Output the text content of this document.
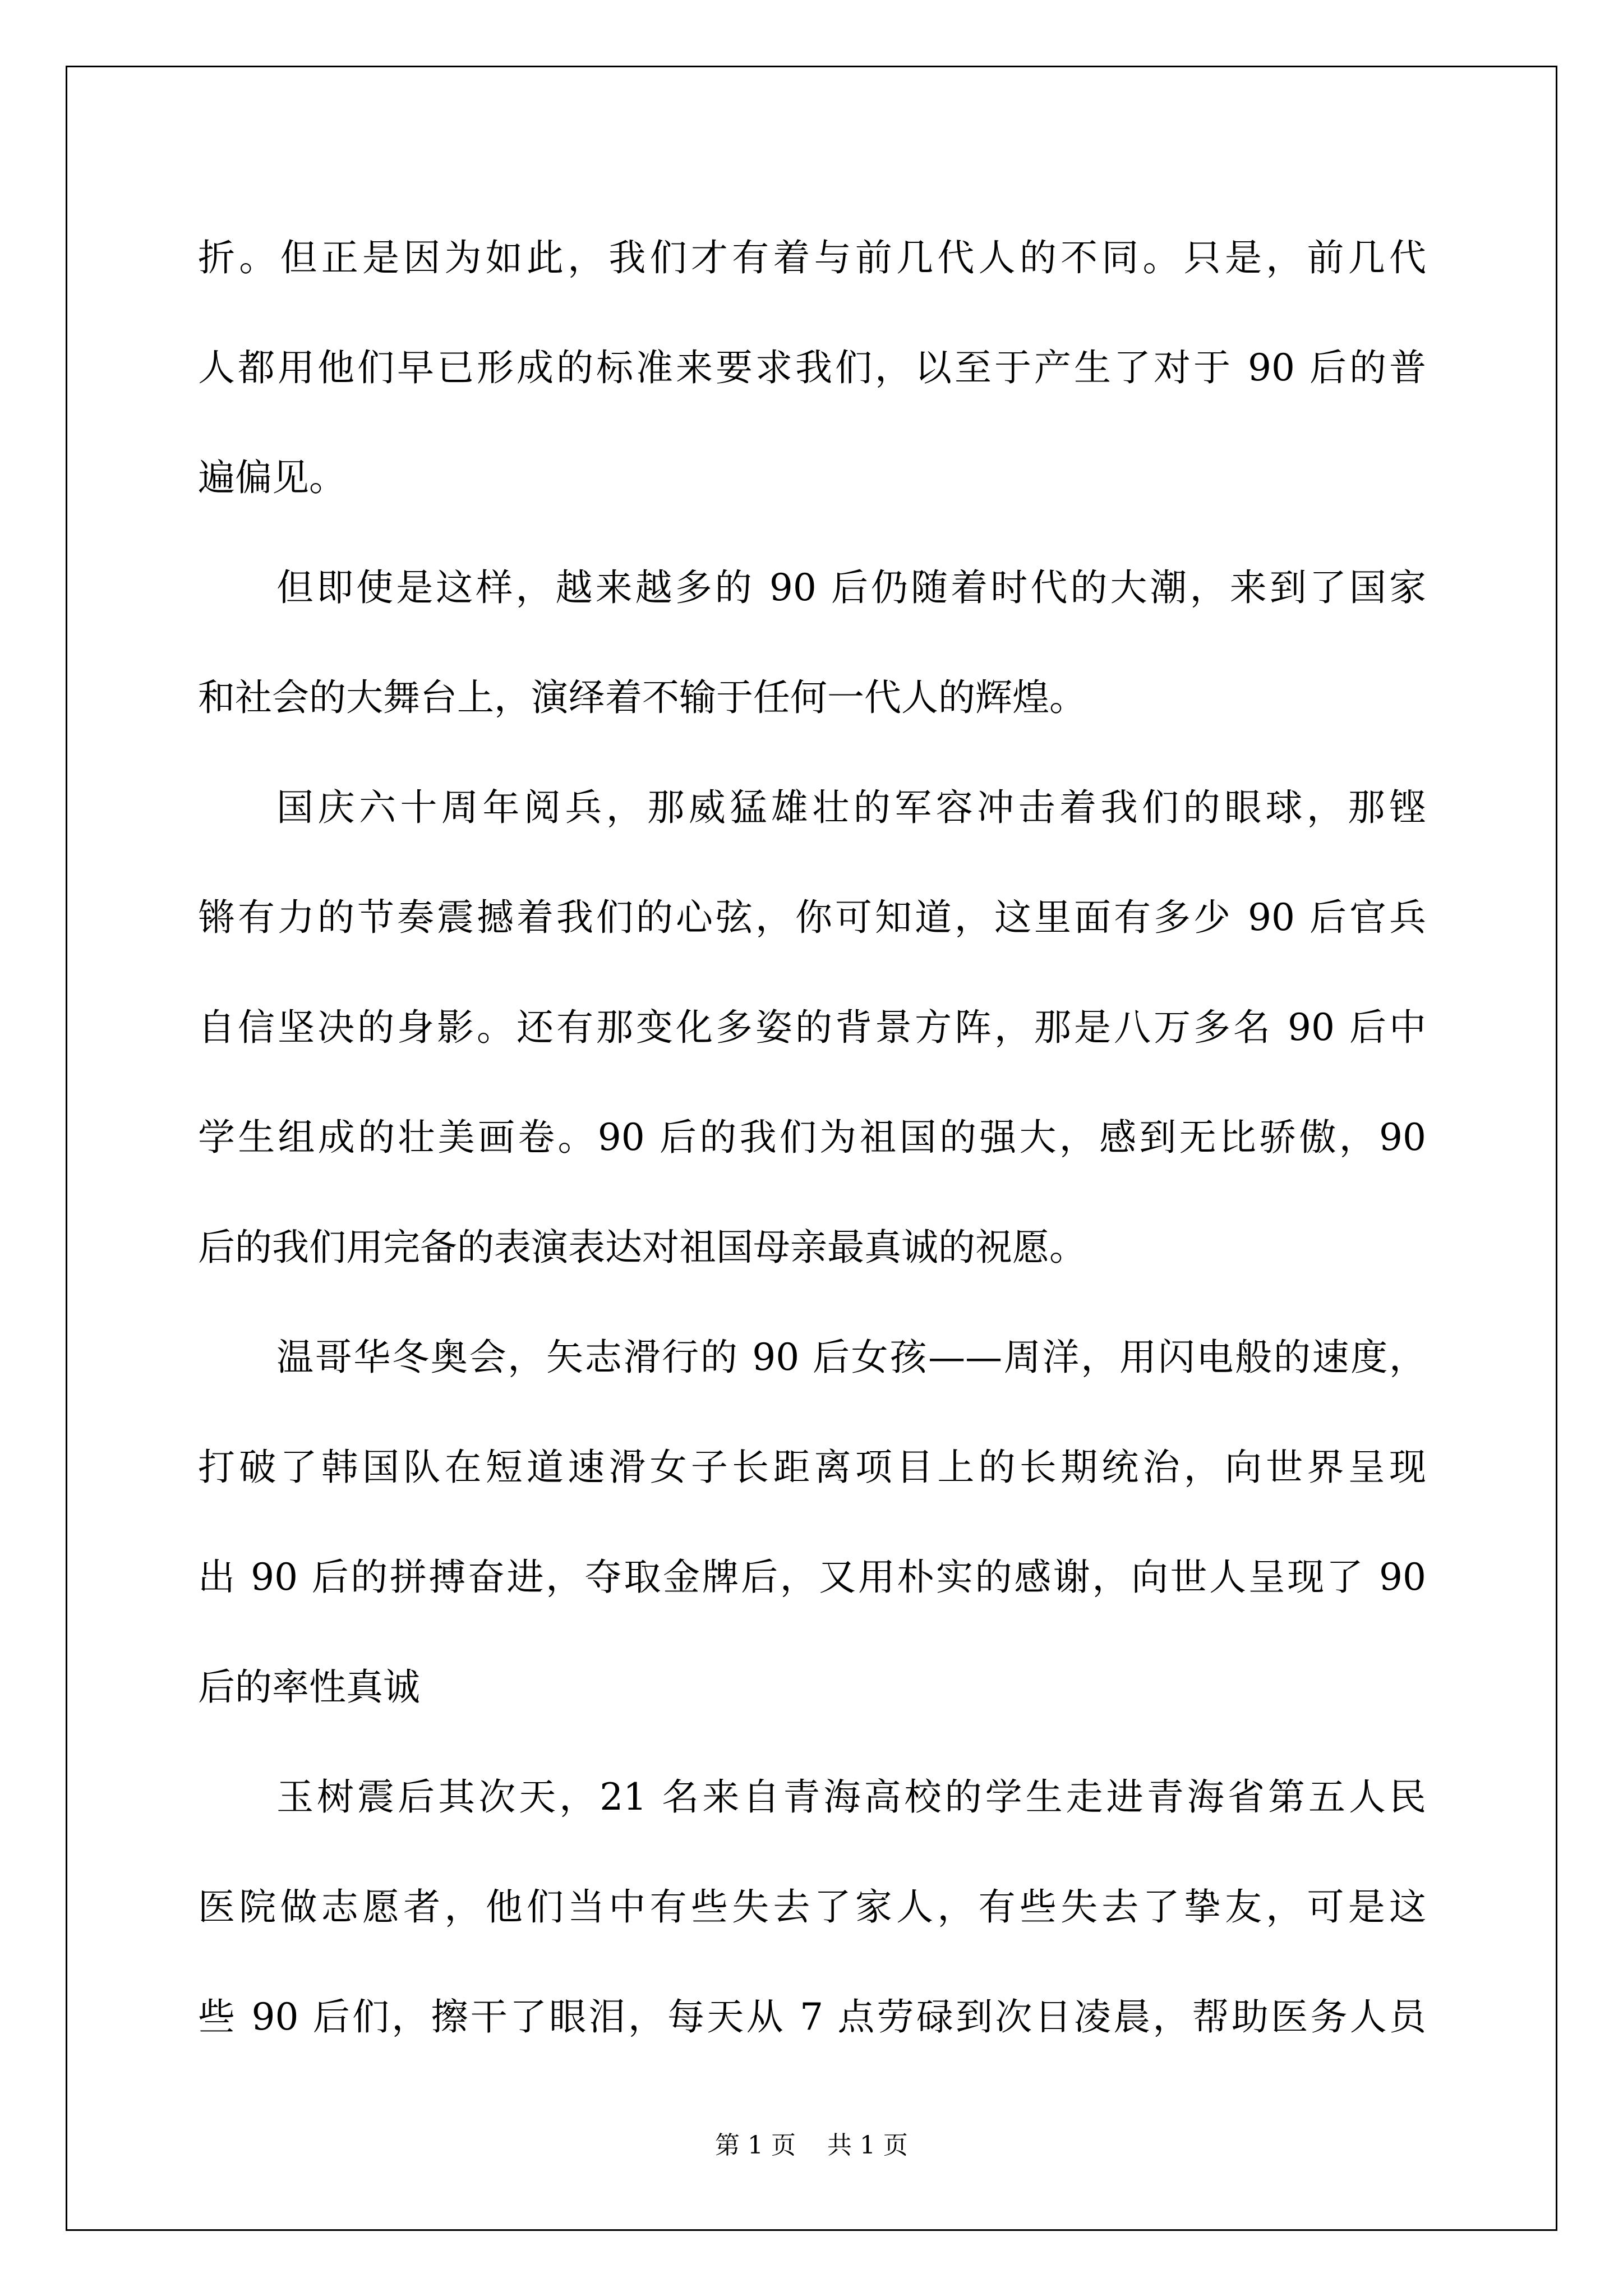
折。但正是因为如此，我们才有着与前几代人的不同。只是，前几代
人都用他们早已形成的标准来要求我们，以至于产生了对于 90 后的普
遍偏见。
但即使是这样，越来越多的 90 后仍随着时代的大潮，来到了国家
和社会的大舞台上，演绎着不输于任何一代人的辉煌。
国庆六十周年阅兵，那威猛雄壮的军容冲击着我们的眼球，那铿
锵有力的节奏震撼着我们的心弦，你可知道，这里面有多少 90 后官兵
自信坚决的身影。还有那变化多姿的背景方阵，那是八万多名 90 后中
学生组成的壮美画卷。90 后的我们为祖国的强大，感到无比骄傲，90
后的我们用完备的表演表达对祖国母亲最真诚的祝愿。
温哥华冬奥会，矢志滑行的 90 后女孩——周洋，用闪电般的速度，
打破了韩国队在短道速滑女子长距离项目上的长期统治，向世界呈现
出 90 后的拼搏奋进，夺取金牌后，又用朴实的感谢，向世人呈现了 90
后的率性真诚
玉树震后其次天，21 名来自青海高校的学生走进青海省第五人民
医院做志愿者，他们当中有些失去了家人，有些失去了挚友，可是这
些 90 后们，擦干了眼泪，每天从 7 点劳碌到次日凌晨，帮助医务人员
第 1 页    共 1 页
